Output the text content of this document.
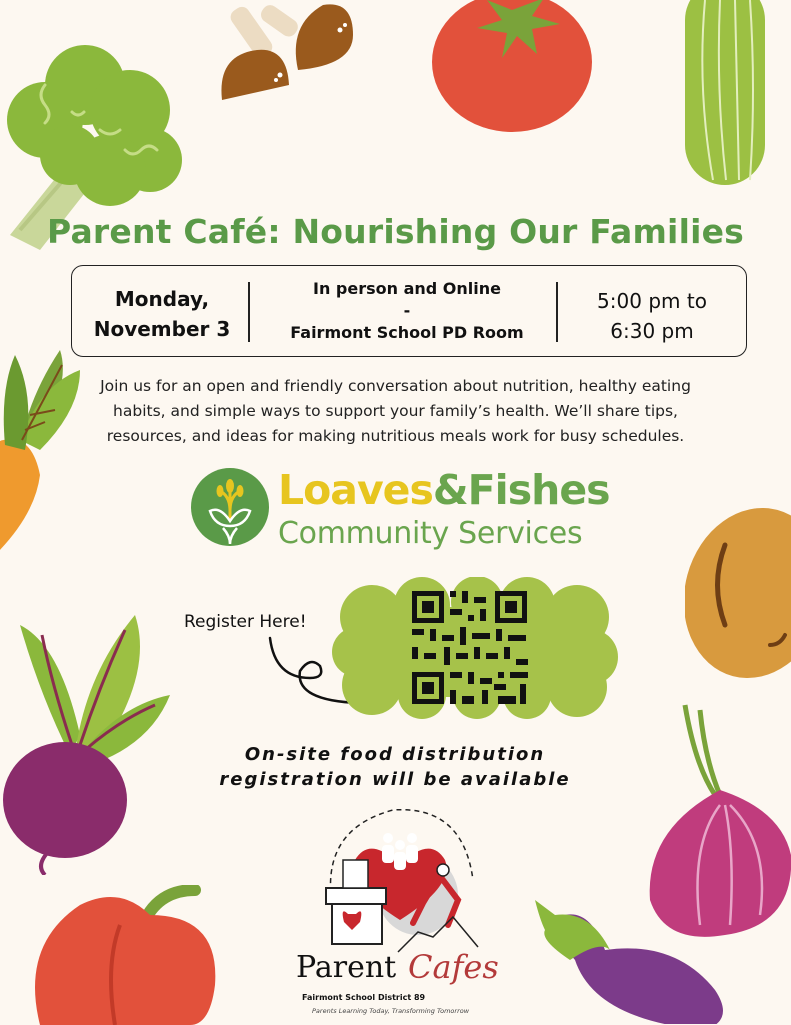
Parent Café: Nourishing Our Families
Monday,
November 3
In person and Online
-
Fairmont School PD Room
5:00 pm to
6:30 pm
Join us for an open and friendly conversation about nutrition, healthy eating habits, and simple ways to support your family’s health. We’ll share tips, resources, and ideas for making nutritious meals work for busy schedules.
Loaves&Fishes
Community Services
Register Here!
On-site food distribution
registration will be available
Parent Cafes
Fairmont School District 89
Parents Learning Today, Transforming Tomorrow
